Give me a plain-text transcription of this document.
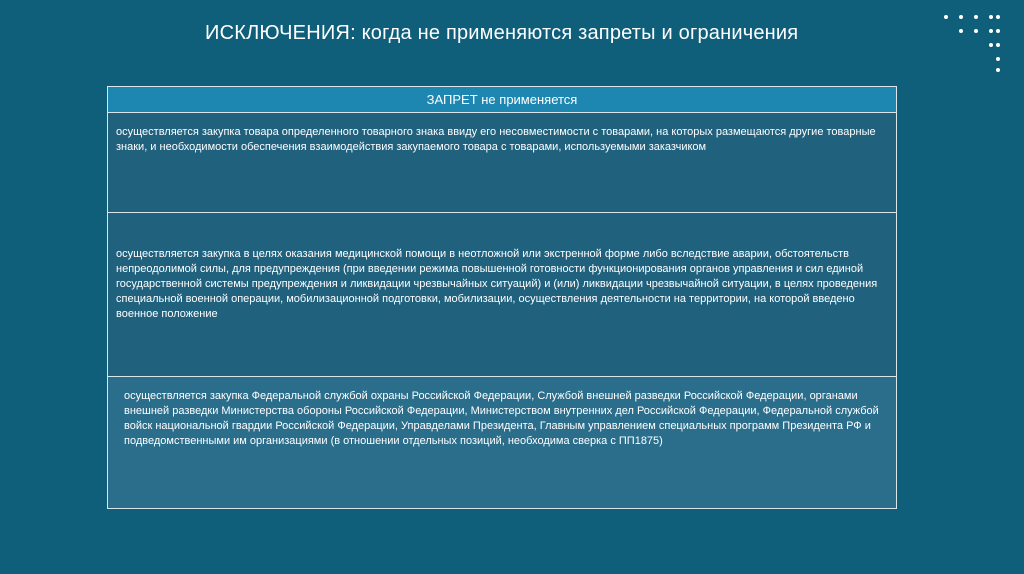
ИСКЛЮЧЕНИЯ: когда не применяются запреты и ограничения
ЗАПРЕТ не применяется
осуществляется закупка товара определенного товарного знака ввиду его несовместимости с товарами, на которых размещаются другие товарные знаки, и необходимости обеспечения взаимодействия закупаемого товара с товарами, используемыми заказчиком
осуществляется закупка в целях оказания медицинской помощи в неотложной или экстренной форме либо вследствие аварии, обстоятельств непреодолимой силы, для предупреждения (при введении режима повышенной готовности функционирования органов управления и сил единой государственной системы предупреждения и ликвидации чрезвычайных ситуаций) и (или) ликвидации чрезвычайной ситуации, в целях проведения специальной военной операции, мобилизационной подготовки, мобилизации, осуществления деятельности на территории, на которой введено военное положение
осуществляется закупка Федеральной службой охраны Российской Федерации, Службой внешней разведки Российской Федерации, органами внешней разведки Министерства обороны Российской Федерации, Министерством внутренних дел Российской Федерации, Федеральной службой войск национальной гвардии Российской Федерации, Управделами Президента, Главным управлением специальных программ Президента РФ и подведомственными им организациями (в отношении отдельных позиций, необходима сверка с ПП1875)
